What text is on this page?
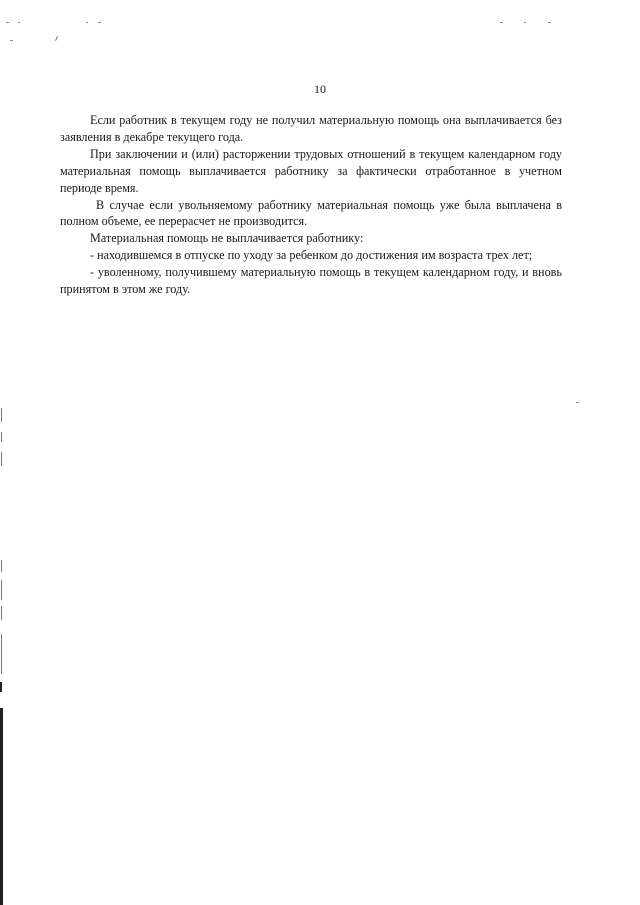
10

Если работник в текущем году не получил материальную помощь она выплачивается без заявления в декабре текущего года.

При заключении и (или) расторжении трудовых отношений в текущем календарном году материальная помощь выплачивается работнику за фактически отработанное в учетном периоде время.

В случае если увольняемому работнику материальная помощь уже была выплачена в полном объеме, ее перерасчет не производится.

Материальная помощь не выплачивается работнику:

- находившемся в отпуске по уходу за ребенком до достижения им возраста трех лет;

- уволенному, получившему материальную помощь в текущем календарном году, и вновь принятом в этом же году.
